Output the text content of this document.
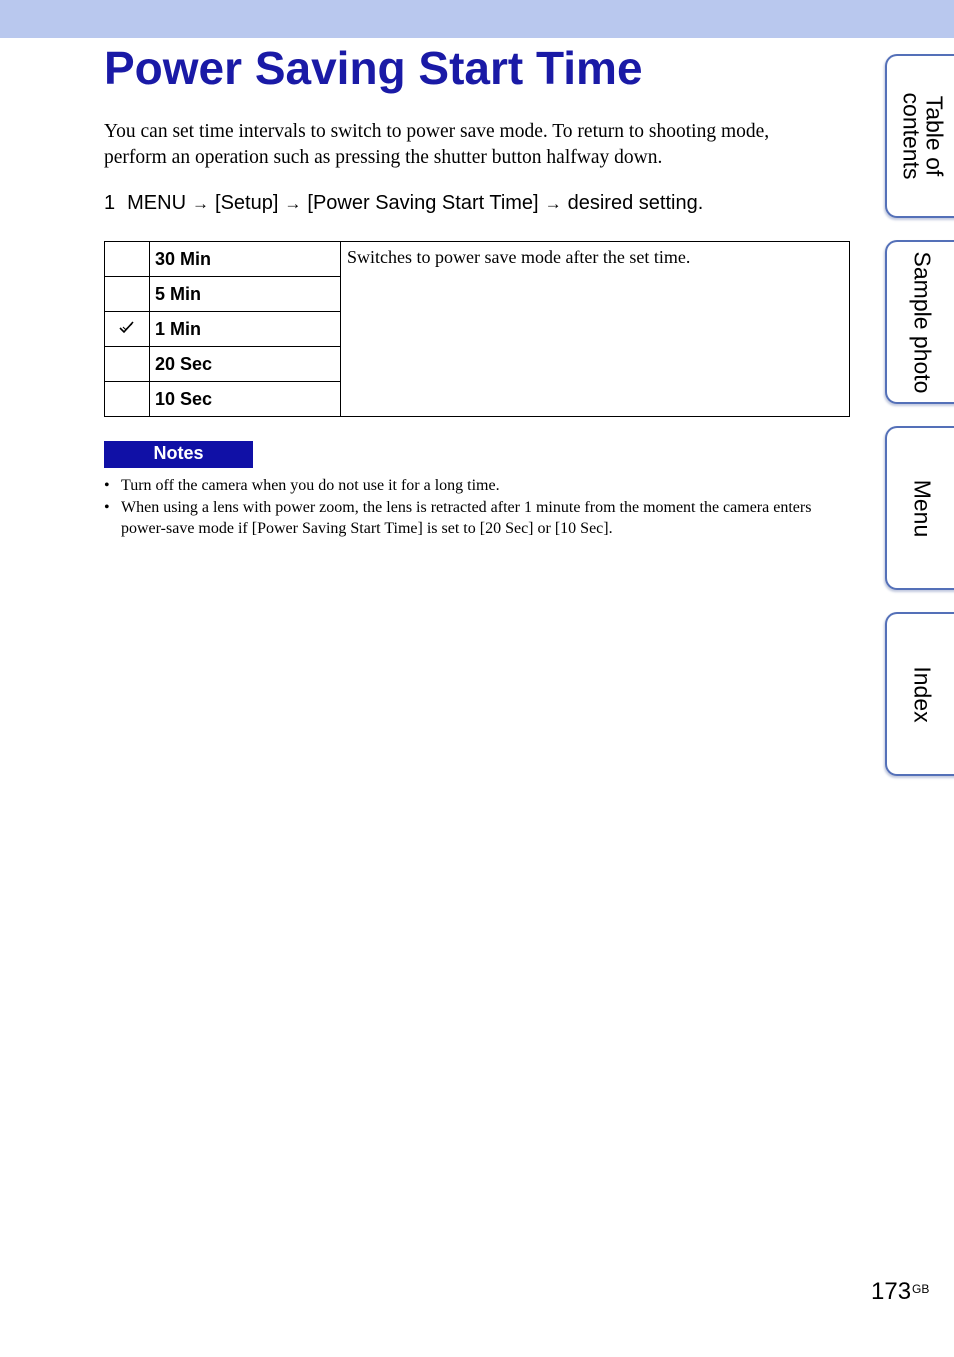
Power Saving Start Time
You can set time intervals to switch to power save mode. To return to shooting mode, perform an operation such as pressing the shutter button halfway down.
1 MENU → [Setup] → [Power Saving Start Time] → desired setting.
	30 Min	Switches to power save mode after the set time.
	5 Min	
	1 Min	
	20 Sec	
	10 Sec	
Notes
• Turn off the camera when you do not use it for a long time.
• When using a lens with power zoom, the lens is retracted after 1 minute from the moment the camera enters power-save mode if [Power Saving Start Time] is set to [20 Sec] or [10 Sec].
Table of contents
Sample photo
Menu
Index
$173^{GB}$
